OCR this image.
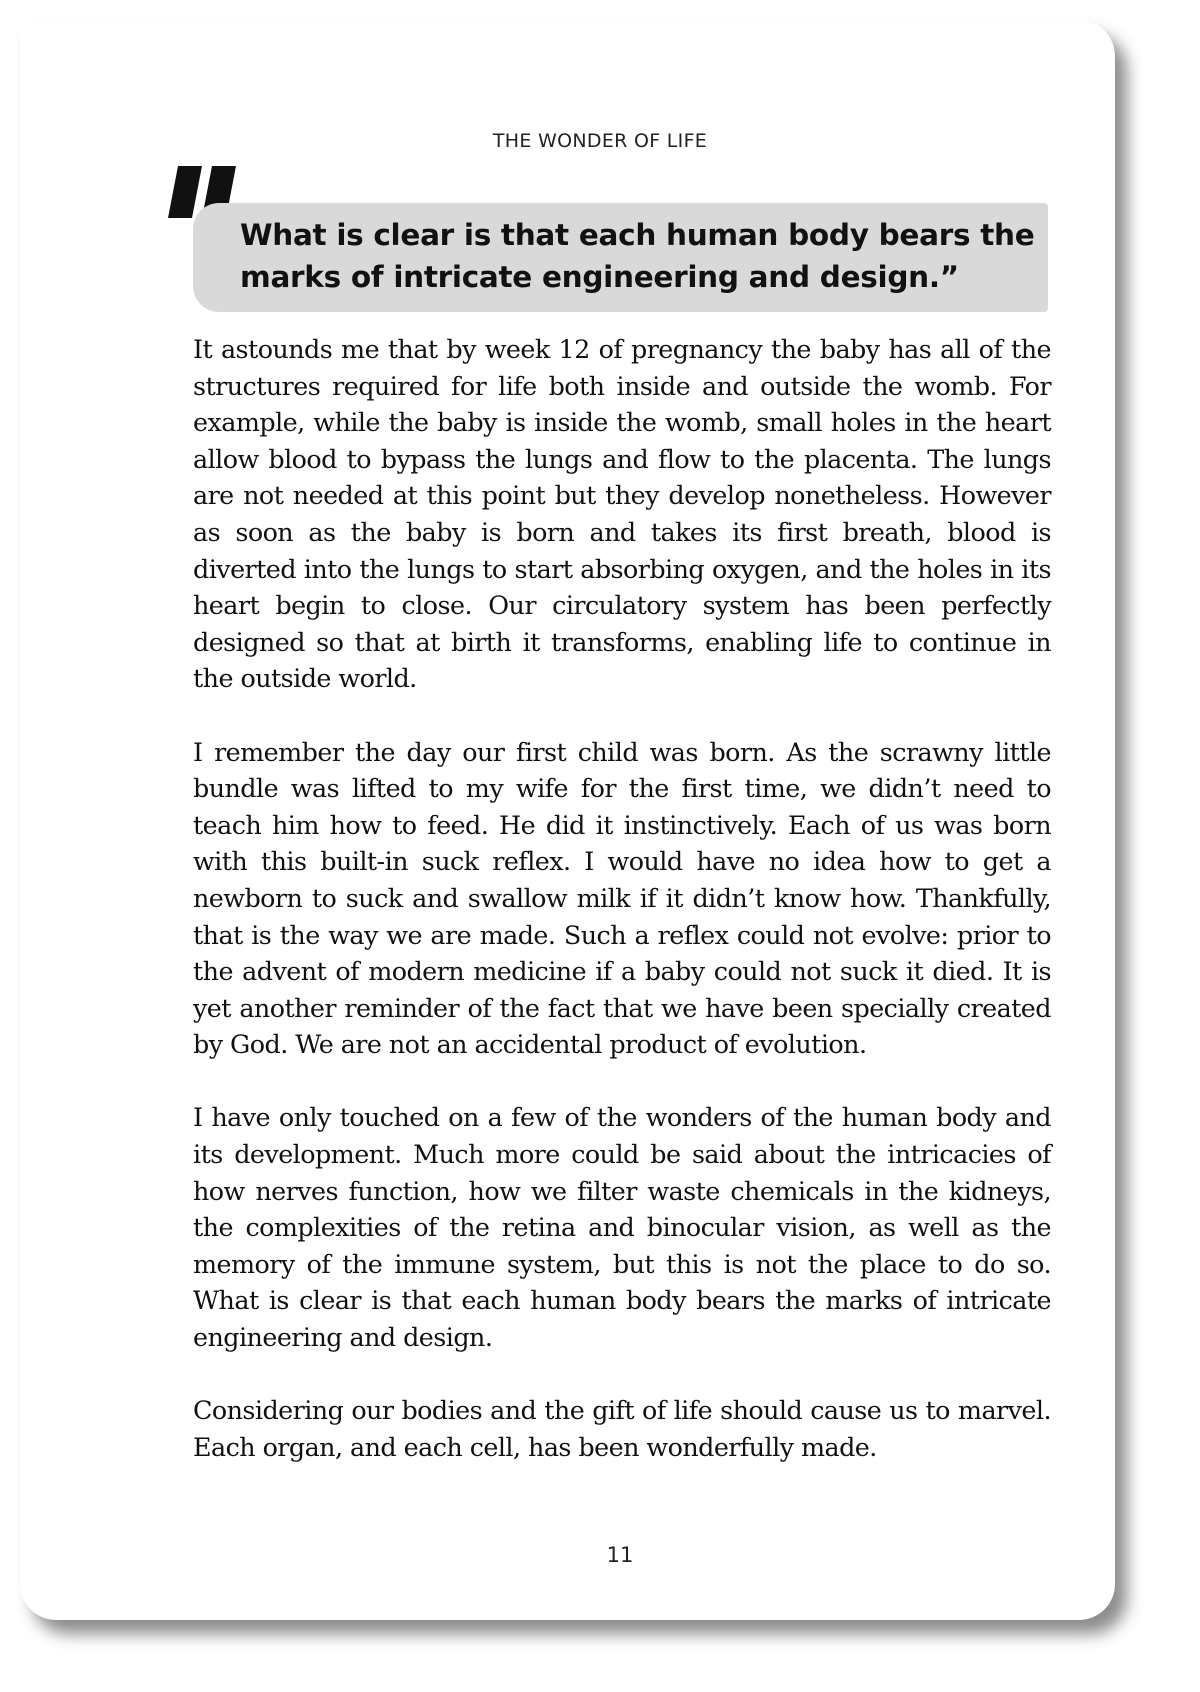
THE WONDER OF LIFE
What is clear is that each human body bears the marks of intricate engineering and design.”

It astounds me that by week 12 of pregnancy the baby has all of the structures required for life both inside and outside the womb. For example, while the baby is inside the womb, small holes in the heart allow blood to bypass the lungs and flow to the placenta. The lungs are not needed at this point but they develop nonetheless. However as soon as the baby is born and takes its first breath, blood is diverted into the lungs to start absorbing oxygen, and the holes in its heart begin to close. Our circulatory system has been perfectly designed so that at birth it transforms, enabling life to continue in the outside world.

I remember the day our first child was born. As the scrawny little bundle was lifted to my wife for the first time, we didn’t need to teach him how to feed. He did it instinctively. Each of us was born with this built-in suck reflex. I would have no idea how to get a newborn to suck and swallow milk if it didn’t know how. Thankfully, that is the way we are made. Such a reflex could not evolve: prior to the advent of modern medicine if a baby could not suck it died. It is yet another reminder of the fact that we have been specially created by God. We are not an accidental product of evolution.

I have only touched on a few of the wonders of the human body and its development. Much more could be said about the intricacies of how nerves function, how we filter waste chemicals in the kidneys, the complexities of the retina and binocular vision, as well as the memory of the immune system, but this is not the place to do so. What is clear is that each human body bears the marks of intricate engineering and design.

Considering our bodies and the gift of life should cause us to marvel. Each organ, and each cell, has been wonderfully made.

11
